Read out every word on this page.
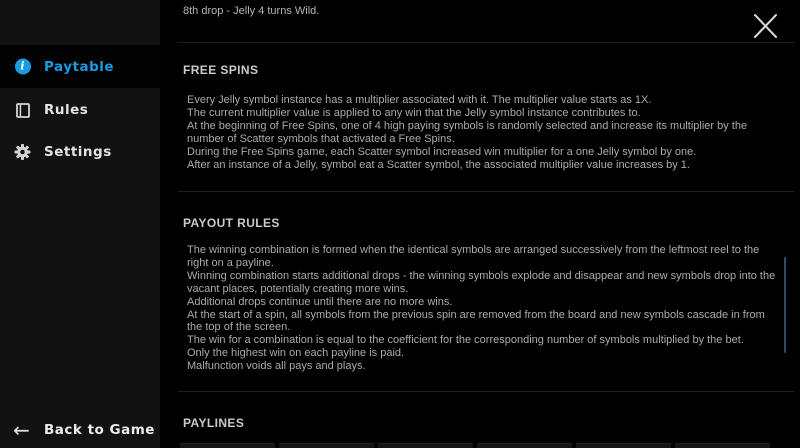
i Paytable
Rules
Settings
← Back to Game
8th drop - Jelly 4 turns Wild.
FREE SPINS
Every Jelly symbol instance has a multiplier associated with it. The multiplier value starts as 1X.
The current multiplier value is applied to any win that the Jelly symbol instance contributes to.
At the beginning of Free Spins, one of 4 high paying symbols is randomly selected and increase its multiplier by the number of Scatter symbols that activated a Free Spins.
During the Free Spins game, each Scatter symbol increased win multiplier for a one Jelly symbol by one.
After an instance of a Jelly, symbol eat a Scatter symbol, the associated multiplier value increases by 1.
PAYOUT RULES
The winning combination is formed when the identical symbols are arranged successively from the leftmost reel to the right on a payline.
Winning combination starts additional drops - the winning symbols explode and disappear and new symbols drop into the vacant places, potentially creating more wins.
Additional drops continue until there are no more wins.
At the start of a spin, all symbols from the previous spin are removed from the board and new symbols cascade in from the top of the screen.
The win for a combination is equal to the coefficient for the corresponding number of symbols multiplied by the bet.
Only the highest win on each payline is paid.
Malfunction voids all pays and plays.
PAYLINES
